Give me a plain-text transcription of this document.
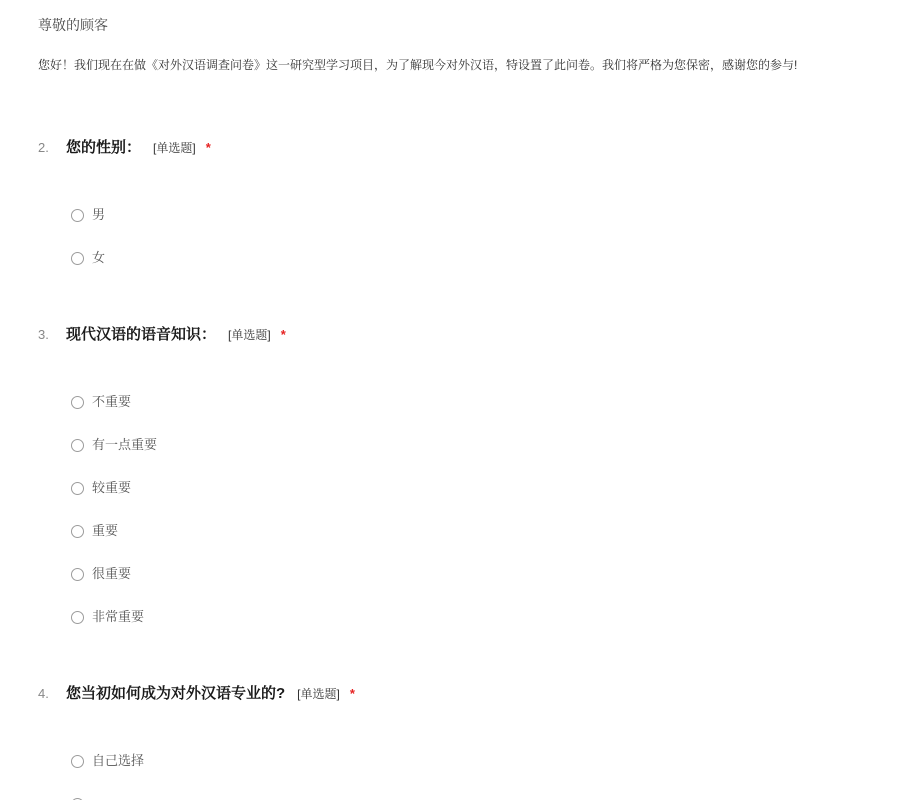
尊敬的顾客
您好！我们现在在做《对外汉语调查问卷》这一研究型学习项目，为了解现今对外汉语，特设置了此问卷。我们将严格为您保密，感谢您的参与!
2.	您的性别： [单选题] *
男
女
3.	现代汉语的语音知识： [单选题] *
不重要
有一点重要
较重要
重要
很重要
非常重要
4.	您当初如何成为对外汉语专业的? [单选题] *
自己选择
